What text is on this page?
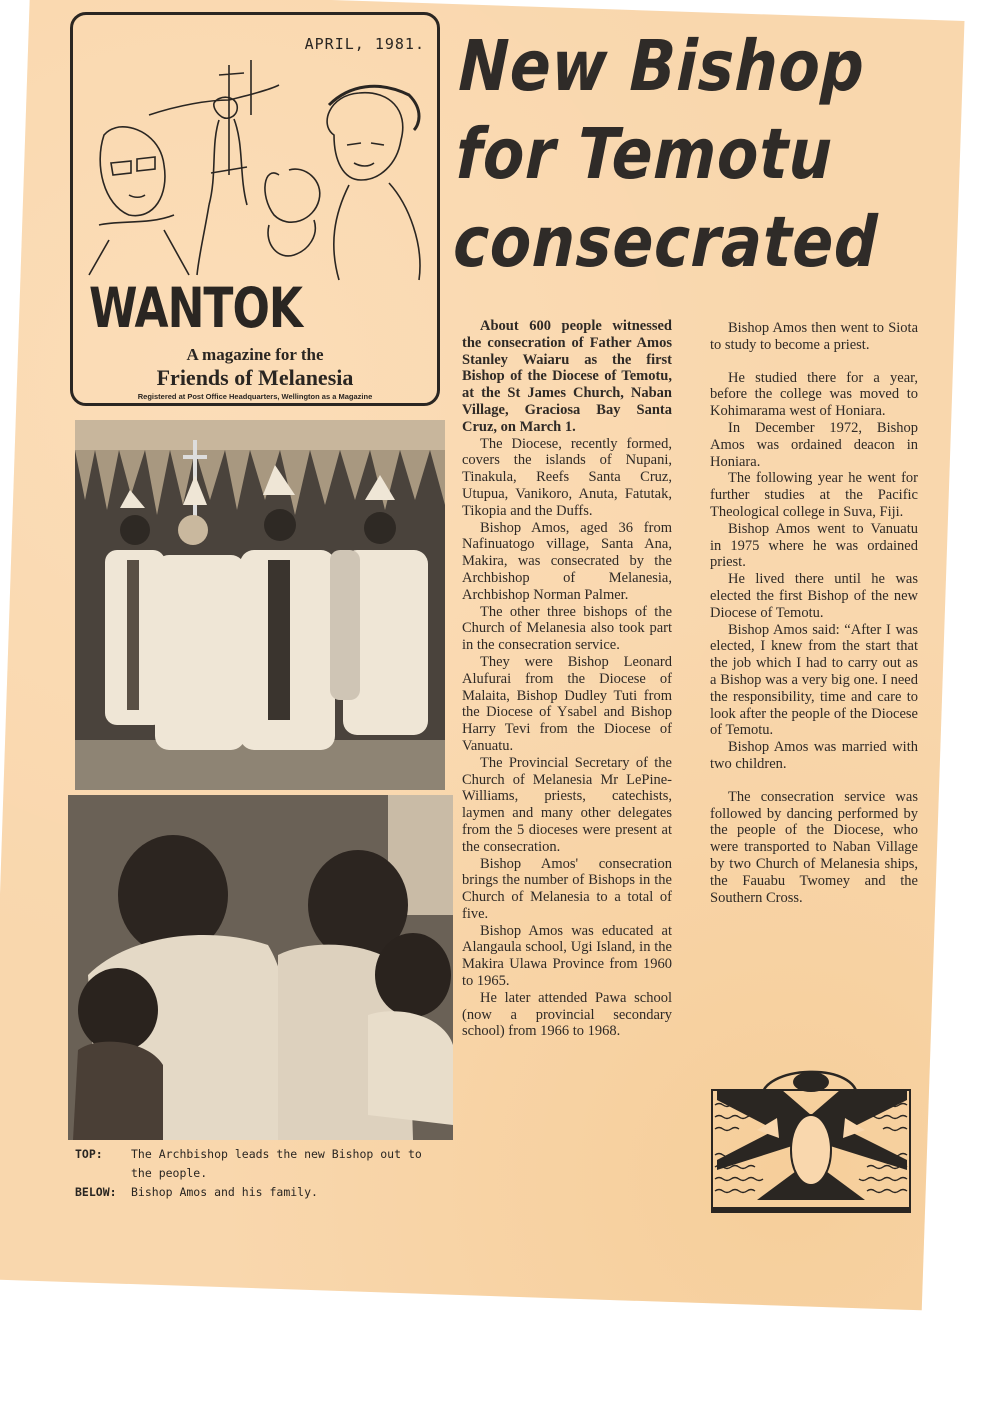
APRIL, 1981.
WANTOK
A magazine for the
Friends of Melanesia
Registered at Post Office Headquarters, Wellington as a Magazine
New Bishop
for Temotu
consecrated
TOP:	The Archbishop leads the new Bishop out to the people.
BELOW:	Bishop Amos and his family.

About 600 people witnessed the consecration of Father Amos Stanley Waiaru as the first Bishop of the Diocese of Temotu, at the St James Church, Naban Village, Graciosa Bay Santa Cruz, on March 1.

The Diocese, recently formed, covers the islands of Nupani, Tinakula, Reefs Santa Cruz, Utupua, Vanikoro, Anuta, Fatutak, Tikopia and the Duffs.

Bishop Amos, aged 36 from Nafinuatogo village, Santa Ana, Makira, was consecrated by the Archbishop of Melanesia, Archbishop Norman Palmer.

The other three bishops of the Church of Melanesia also took part in the consecration service.

They were Bishop Leonard Alufurai from the Diocese of Malaita, Bishop Dudley Tuti from the Diocese of Ysabel and Bishop Harry Tevi from the Diocese of Vanuatu.

The Provincial Secretary of the Church of Melanesia Mr LePine-Williams, priests, catechists, laymen and many other delegates from the 5 dioceses were present at the consecration.

Bishop Amos' consecration brings the number of Bishops in the Church of Melanesia to a total of five.

Bishop Amos was educated at Alangaula school, Ugi Island, in the Makira Ulawa Province from 1960 to 1965.

He later attended Pawa school (now a provincial secondary school) from 1966 to 1968.

Bishop Amos then went to Siota to study to become a priest.

He studied there for a year, before the college was moved to Kohimarama west of Honiara.

In December 1972, Bishop Amos was ordained deacon in Honiara.

The following year he went for further studies at the Pacific Theological college in Suva, Fiji.

Bishop Amos went to Vanuatu in 1975 where he was ordained priest.

He lived there until he was elected the first Bishop of the new Diocese of Temotu.

Bishop Amos said: “After I was elected, I knew from the start that the job which I had to carry out as a Bishop was a very big one. I need the responsibility, time and care to look after the people of the Diocese of Temotu.

Bishop Amos was married with two children.

The consecration service was followed by dancing performed by the people of the Diocese, who were transported to Naban Village by two Church of Melanesia ships, the Fauabu Twomey and the Southern Cross.
